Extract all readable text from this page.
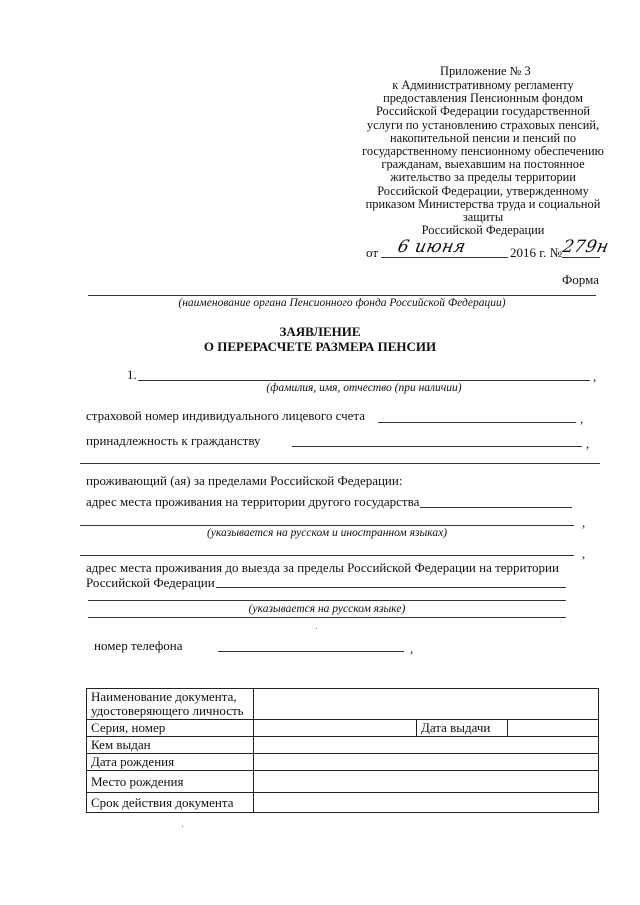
Приложение № 3
к Административному регламенту
предоставления Пенсионным фондом
Российской Федерации государственной
услуги по установлению страховых пенсий,
накопительной пенсии и пенсий по
государственному пенсионному обеспечению
гражданам, выехавшим на постоянное
жительство за пределы территории
Российской Федерации, утвержденному
приказом Министерства труда и социальной
защиты
Российской Федерации
от 6 июня	2016 г. №
279н
Форма
(наименование органа Пенсионного фонда Российской Федерации)
ЗАЯВЛЕНИЕ
О ПЕРЕРАСЧЕТЕ РАЗМЕРА ПЕНСИИ
1.	,
(фамилия, имя, отчество (при наличии)
страховой номер индивидуального лицевого счета	,
принадлежность к гражданству	,
проживающий (ая) за пределами Российской Федерации:
адрес места проживания на территории другого государства
,
(указывается на русском и иностранном языках)
,
адрес места проживания до выезда за пределы Российской Федерации на территории
Российской Федерации
(указывается на русском языке)
номер телефона	,
Наименование документа,
удостоверяющего личность			

Серия, номер		Дата выдачи	
Кем выдан			
Дата рождения			
Место рождения			
Срок действия документа			
